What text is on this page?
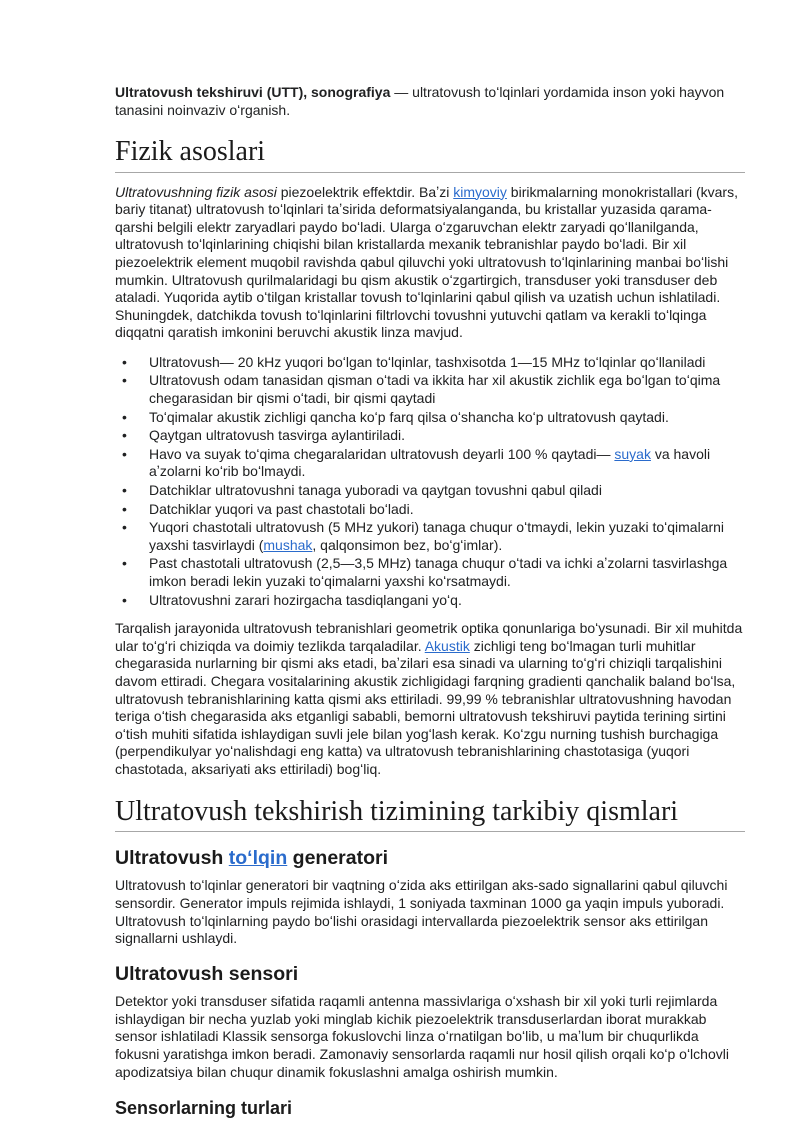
Ultratovush tekshiruvi (UTT), sonografiya — ultratovush toʻlqinlari yordamida inson yoki hayvon tanasini noinvaziv oʻrganish.

Fizik asoslari

Ultratovushning fizik asosi piezoelektrik effektdir. Baʼzi kimyoviy birikmalarning monokristallari (kvars, bariy titanat) ultratovush toʻlqinlari taʼsirida deformatsiyalanganda, bu kristallar yuzasida qarama-qarshi belgili elektr zaryadlari paydo boʻladi. Ularga oʻzgaruvchan elektr zaryadi qoʻllanilganda, ultratovush toʻlqinlarining chiqishi bilan kristallarda mexanik tebranishlar paydo boʻladi. Bir xil piezoelektrik element muqobil ravishda qabul qiluvchi yoki ultratovush toʻlqinlarining manbai boʻlishi mumkin. Ultratovush qurilmalaridagi bu qism akustik oʻzgartirgich, transduser yoki transduser deb ataladi. Yuqorida aytib oʻtilgan kristallar tovush toʻlqinlarini qabul qilish va uzatish uchun ishlatiladi. Shuningdek, datchikda tovush toʻlqinlarini filtrlovchi tovushni yutuvchi qatlam va kerakli toʻlqinga diqqatni qaratish imkonini beruvchi akustik linza mavjud.

• Ultratovush— 20 kHz yuqori boʻlgan toʻlqinlar, tashxisotda 1—15 MHz toʻlqinlar qoʻllaniladi
• Ultratovush odam tanasidan qisman oʻtadi va ikkita har xil akustik zichlik ega boʻlgan toʻqima chegarasidan bir qismi oʻtadi, bir qismi qaytadi
• Toʻqimalar akustik zichligi qancha koʻp farq qilsa oʻshancha koʻp ultratovush qaytadi.
• Qaytgan ultratovush tasvirga aylantiriladi.
• Havo va suyak toʻqima chegaralaridan ultratovush deyarli 100 % qaytadi— suyak va havoli aʼzolarni koʻrib boʻlmaydi.
• Datchiklar ultratovushni tanaga yuboradi va qaytgan tovushni qabul qiladi
• Datchiklar yuqori va past chastotali boʻladi.
• Yuqori chastotali ultratovush (5 MHz yukori) tanaga chuqur oʻtmaydi, lekin yuzaki toʻqimalarni yaxshi tasvirlaydi (mushak, qalqonsimon bez, boʻgʻimlar).
• Past chastotali ultratovush (2,5—3,5 MHz) tanaga chuqur oʻtadi va ichki aʼzolarni tasvirlashga imkon beradi lekin yuzaki toʻqimalarni yaxshi koʻrsatmaydi.
• Ultratovushni zarari hozirgacha tasdiqlangani yoʻq.

Tarqalish jarayonida ultratovush tebranishlari geometrik optika qonunlariga boʻysunadi. Bir xil muhitda ular toʻgʻri chiziqda va doimiy tezlikda tarqaladilar. Akustik zichligi teng boʻlmagan turli muhitlar chegarasida nurlarning bir qismi aks etadi, baʼzilari esa sinadi va ularning toʻgʻri chiziqli tarqalishini davom ettiradi. Chegara vositalarining akustik zichligidagi farqning gradienti qanchalik baland boʻlsa, ultratovush tebranishlarining katta qismi aks ettiriladi. 99,99 % tebranishlar ultratovushning havodan teriga oʻtish chegarasida aks etganligi sababli, bemorni ultratovush tekshiruvi paytida terining sirtini oʻtish muhiti sifatida ishlaydigan suvli jele bilan yogʻlash kerak. Koʻzgu nurning tushish burchagiga (perpendikulyar yoʻnalishdagi eng katta) va ultratovush tebranishlarining chastotasiga (yuqori chastotada, aksariyati aks ettiriladi) bogʻliq.

Ultratovush tekshirish tizimining tarkibiy qismlari
Ultratovush toʻlqin generatori

Ultratovush toʻlqinlar generatori bir vaqtning oʻzida aks ettirilgan aks-sado signallarini qabul qiluvchi sensordir. Generator impuls rejimida ishlaydi, 1 soniyada taxminan 1000 ga yaqin impuls yuboradi. Ultratovush toʻlqinlarning paydo boʻlishi orasidagi intervallarda piezoelektrik sensor aks ettirilgan signallarni ushlaydi.

Ultratovush sensori

Detektor yoki transduser sifatida raqamli antenna massivlariga oʻxshash bir xil yoki turli rejimlarda ishlaydigan bir necha yuzlab yoki minglab kichik piezoelektrik transduserlardan iborat murakkab sensor ishlatiladi Klassik sensorga fokuslovchi linza oʻrnatilgan boʻlib, u maʼlum bir chuqurlikda fokusni yaratishga imkon beradi. Zamonaviy sensorlarda raqamli nur hosil qilish orqali koʻp oʻlchovli apodizatsiya bilan chuqur dinamik fokuslashni amalga oshirish mumkin.

Sensorlarning turlari
